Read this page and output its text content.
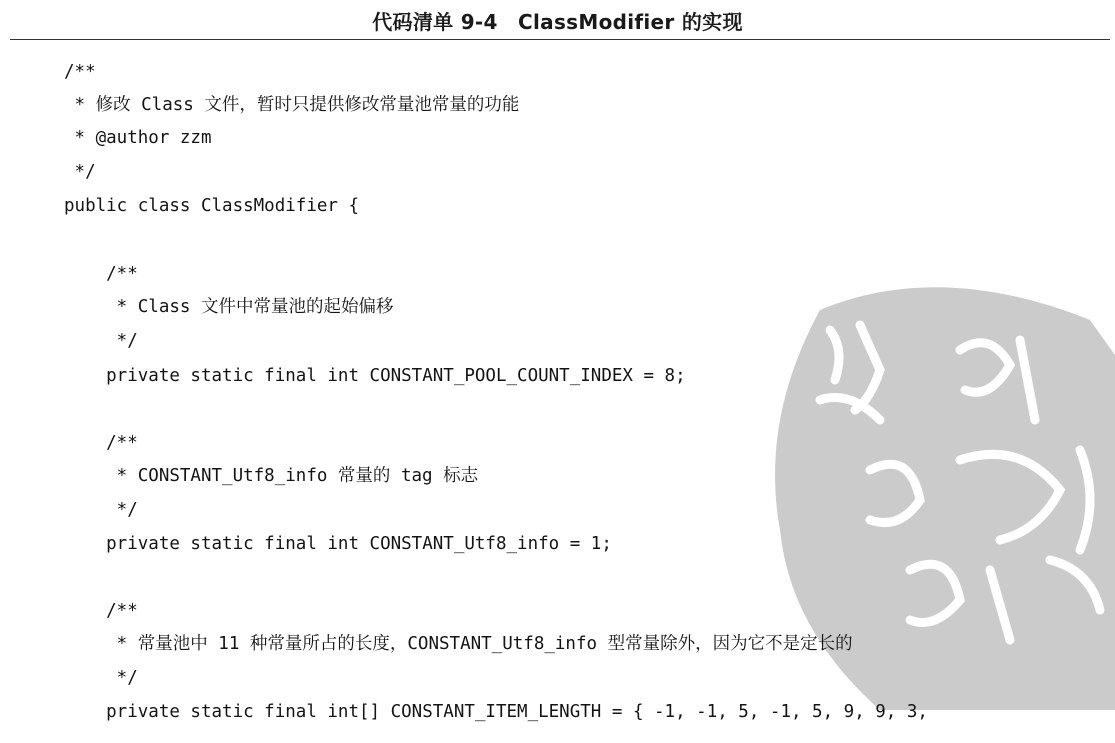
代码清单 9-4　ClassModifier 的实现
/**
* 修改 Class 文件，暂时只提供修改常量池常量的功能
* @author zzm
*/
public class ClassModifier {
/**
* Class 文件中常量池的起始偏移
*/
private static final int CONSTANT_POOL_COUNT_INDEX = 8;
/**
* CONSTANT_Utf8_info 常量的 tag 标志
*/
private static final int CONSTANT_Utf8_info = 1;
/**
* 常量池中 11 种常量所占的长度，CONSTANT_Utf8_info 型常量除外，因为它不是定长的
*/
private static final int[] CONSTANT_ITEM_LENGTH = { -1, -1, 5, -1, 5, 9, 9, 3,
https://blog.csdn.net/wsjdys1
